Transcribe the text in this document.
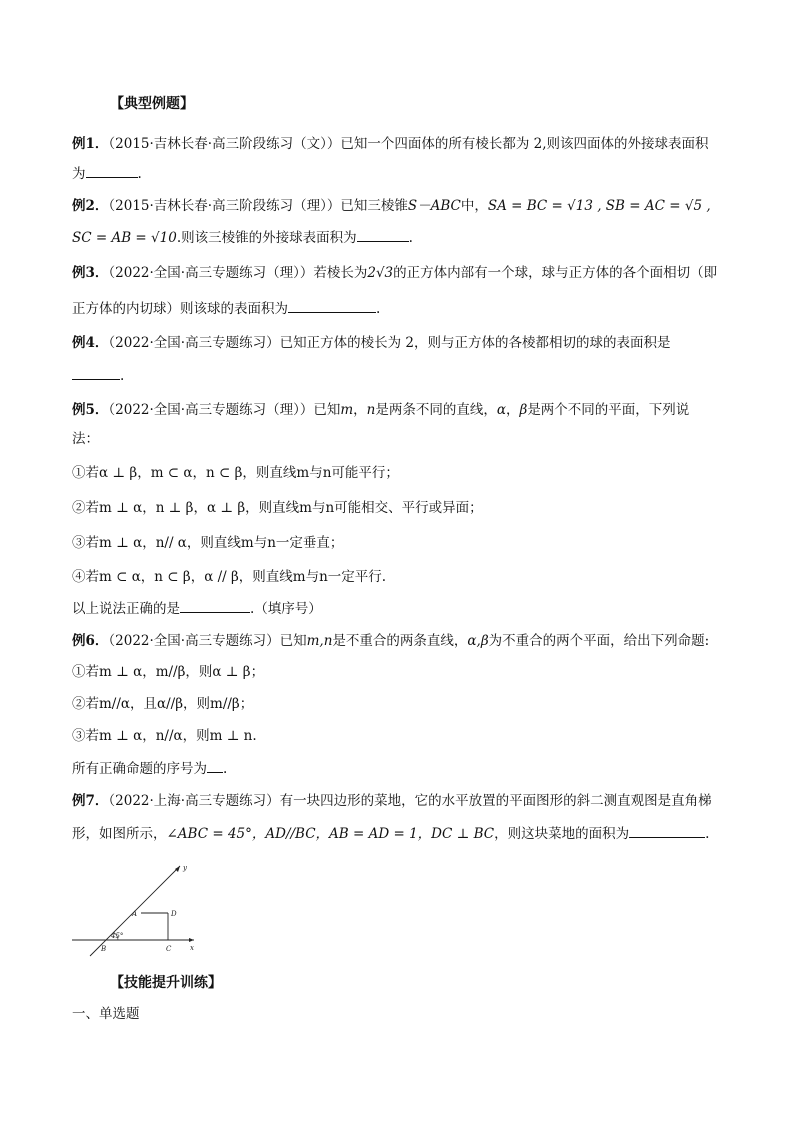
【典型例题】
例1．（2015·吉林长春·高三阶段练习（文））已知一个四面体的所有棱长都为 2,则该四面体的外接球表面积
为	.
例2．（2015·吉林长春·高三阶段练习（理））已知三棱锥S－ABC中，SA = BC = √13 , SB = AC = √5 ,
SC = AB = √10.则该三棱锥的外接球表面积为	.
例3．（2022·全国·高三专题练习（理））若棱长为2√3的正方体内部有一个球，球与正方体的各个面相切（即
正方体的内切球）则该球的表面积为	.
例4．（2022·全国·高三专题练习）已知正方体的棱长为 2，则与正方体的各棱都相切的球的表面积是
.
例5．（2022·全国·高三专题练习（理））已知m，n是两条不同的直线，α，β是两个不同的平面，下列说
法：
①若α ⊥ β，m ⊂ α，n ⊂ β，则直线m与n可能平行；
②若m ⊥ α，n ⊥ β，α ⊥ β，则直线m与n可能相交、平行或异面；
③若m ⊥ α，n// α，则直线m与n一定垂直；
④若m ⊂ α，n ⊂ β，α // β，则直线m与n一定平行.
以上说法正确的是	.（填序号）
例6．（2022·全国·高三专题练习）已知m,n是不重合的两条直线，α,β为不重合的两个平面，给出下列命题:
①若m ⊥ α，m//β，则α ⊥ β；
②若m//α，且α//β，则m//β；
③若m ⊥ α，n//α，则m ⊥ n.
所有正确命题的序号为 .
例7．（2022·上海·高三专题练习）有一块四边形的菜地，它的水平放置的平面图形的斜二测直观图是直角梯
形，如图所示，∠ABC = 45°，AD//BC，AB = AD = 1，DC ⊥ BC，则这块菜地的面积为	.
y
x
A	D
C
B
45°
【技能提升训练】
一、单选题
